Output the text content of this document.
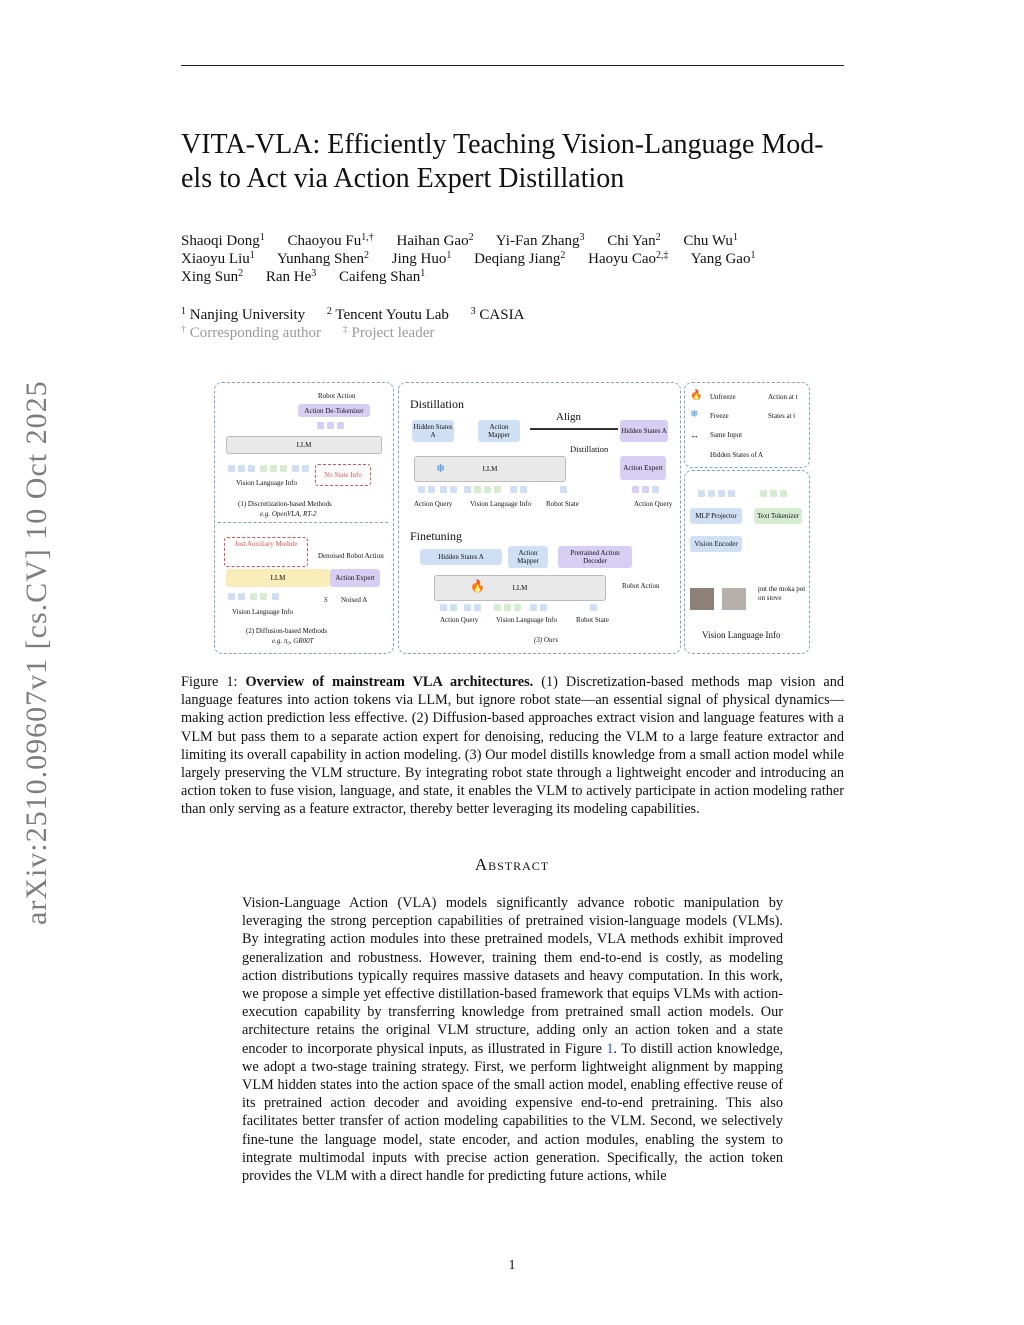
arXiv:2510.09607v1 [cs.CV] 10 Oct 2025
VITA-VLA: Efficiently Teaching Vision-Language Mod-
els to Act via Action Expert Distillation
Shaoqi Dong$^1$ Chaoyou $Fu^{1,\dagger}$ Haihan Gao$^2$ Yi-Fan Zhang$^3$ Chi Yan$^2$ Chu Wu$^1$
Xiaoyu Liu$^1$ Yunhang Shen$^2$ Jing Huo$^1$ Deqiang Jiang$^2$ Haoyu Cao$^{2,\ddagger}$ Yang Gao$^1$
Xing Sun$^2$ Ran He$^3$ Caifeng Shan$^1$
$^1$ Nanjing University $^2$ Tencent Youtu Lab $^3$ CASIA
† Corresponding author ‡ Project leader
Robot Action
Action De-Tokenizer
LLM
No State Info
Vision Language Info
(1) Discretization-based Methods
e.g. OpenVLA, RT-2
Just Auxiliary Module
Denoised Robot Action
LLM	Action Expert
S Noised A
Vision Language Info
(2) Diffusion-based Methods
e.g. π₀, GR00T
Distillation
Hidden States A
Action Mapper
Align
Hidden States A
Distillation
LLM
❄	Action Expert
Action Query	Vision Language Info Robot State	Action Query
Finetuning
Hidden States A	Action Mapper
Pretrained Action Decoder
LLM
🔥	Robot Action
Action Query	Vision Language Info	Robot State
(3) Ours
🔥 Unfreeze	Action at t
❄ Freeze	States at t
↔ Same Input
Hidden States of A
MLP Projector	Text Tokenizer
Vision Encoder
put the moka pot on stove
Vision Language Info
Figure 1: Overview of mainstream VLA architectures. (1) Discretization-based methods map vision and language features into action tokens via LLM, but ignore robot state—an essential signal of physical dynamics—making action prediction less effective. (2) Diffusion-based approaches extract vision and language features with a VLM but pass them to a separate action expert for denoising, reducing the VLM to a large feature extractor and limiting its overall capability in action modeling. (3) Our model distills knowledge from a small action model while largely preserving the VLM structure. By integrating robot state through a lightweight encoder and introducing an action token to fuse vision, language, and state, it enables the VLM to actively participate in action modeling rather than only serving as a feature extractor, thereby better leveraging its modeling capabilities.
Abstract
Vision-Language Action (VLA) models significantly advance robotic manipulation by leveraging the strong perception capabilities of pretrained vision-language models (VLMs). By integrating action modules into these pretrained models, VLA methods exhibit improved generalization and robustness. However, training them end-to-end is costly, as modeling action distributions typically requires massive datasets and heavy computation. In this work, we propose a simple yet effective distillation-based framework that equips VLMs with action-execution capability by transferring knowledge from pretrained small action models. Our architecture retains the original VLM structure, adding only an action token and a state encoder to incorporate physical inputs, as illustrated in Figure 1. To distill action knowledge, we adopt a two-stage training strategy. First, we perform lightweight alignment by mapping VLM hidden states into the action space of the small action model, enabling effective reuse of its pretrained action decoder and avoiding expensive end-to-end pretraining. This also facilitates better transfer of action modeling capabilities to the VLM. Second, we selectively fine-tune the language model, state encoder, and action modules, enabling the system to integrate multimodal inputs with precise action generation. Specifically, the action token provides the VLM with a direct handle for predicting future actions, while
1
